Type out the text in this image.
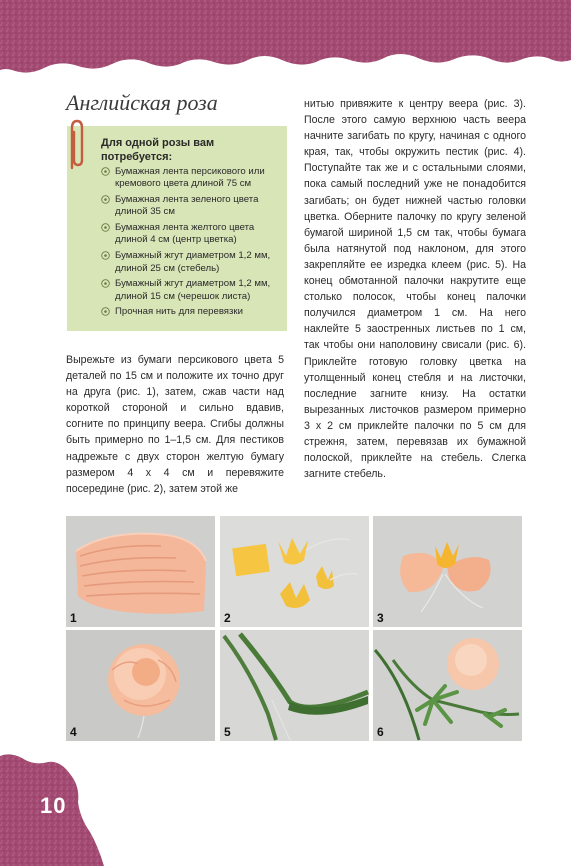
Английская роза
Для одной розы вам потребуется:
Бумажная лента персикового или кремового цвета длиной 75 см
Бумажная лента зеленого цвета длиной 35 см
Бумажная лента желтого цвета длиной 4 см (центр цветка)
Бумажный жгут диаметром 1,2 мм, длиной 25 см (стебель)
Бумажный жгут диаметром 1,2 мм, длиной 15 см (черешок листа)
Прочная нить для перевязки

Вырежьте из бумаги персикового цвета 5 деталей по 15 см и положите их точно друг на друга (рис. 1), затем, сжав части над короткой стороной и сильно вдавив, согните по принципу веера. Сгибы должны быть примерно по 1–1,5 см. Для пестиков надрежьте с двух сторон желтую бумагу размером 4 х 4 см и перевяжите посередине (рис. 2), затем этой же

нитью привяжите к центру веера (рис. 3). После этого самую верхнюю часть веера начните загибать по кругу, начиная с одного края, так, чтобы окружить пестик (рис. 4). Поступайте так же и с остальными слоями, пока самый последний уже не понадобится загибать; он будет нижней частью головки цветка. Оберните палочку по кругу зеленой бумагой шириной 1,5 см так, чтобы бумага была натянутой под наклоном, для этого закрепляйте ее изредка клеем (рис. 5). На конец обмотанной палочки накрутите еще столько полосок, чтобы конец палочки получился диаметром 1 см. На него наклейте 5 заостренных листьев по 1 см, так чтобы они наполовину свисали (рис. 6). Приклейте готовую головку цветка на утолщенный конец стебля и на листочки, последние загните книзу. На остатки вырезанных листочков размером примерно 3 х 2 см приклейте палочки по 5 см для стрежня, затем, перевязав их бумажной полоской, приклейте на стебель. Слегка загните стебель.

1	2	3
4	5	6
10
